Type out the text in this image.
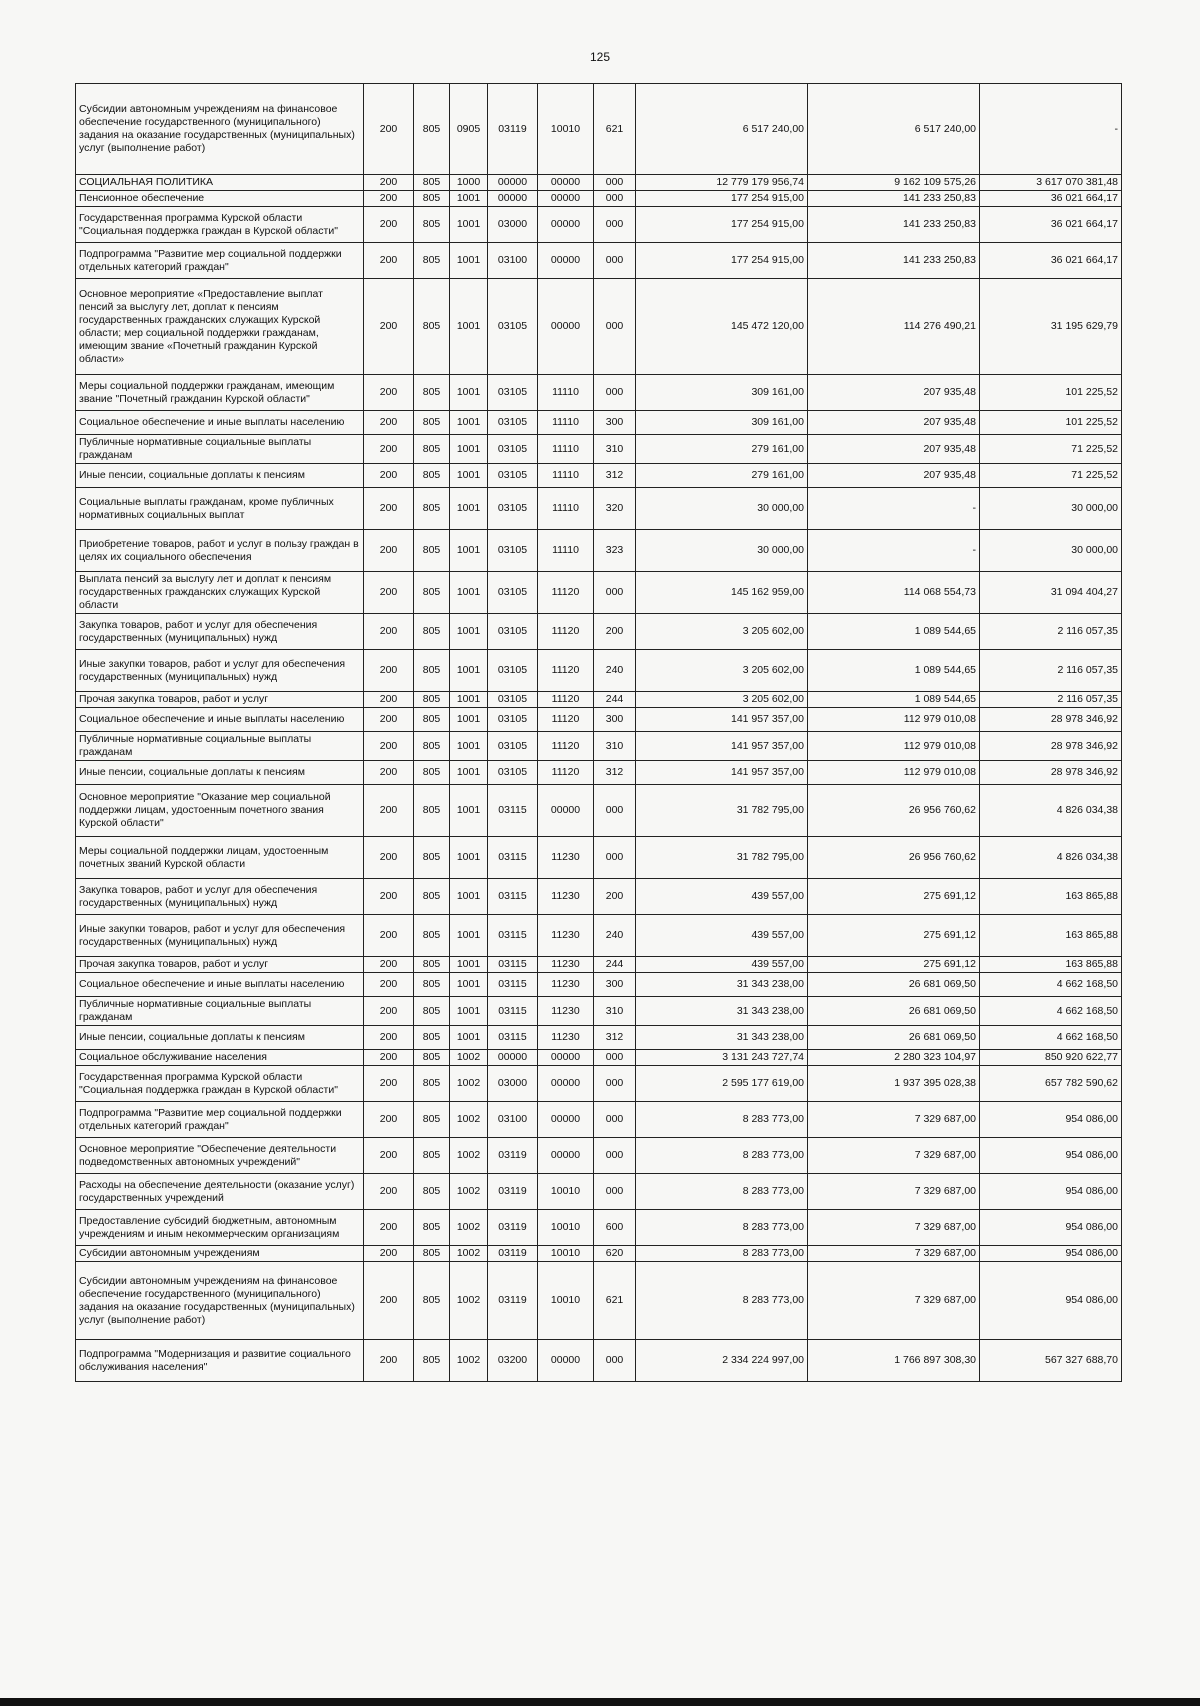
125
Субсидии автономным учреждениям на финансовое обеспечение государственного (муниципального) задания на оказание государственных (муниципальных) услуг (выполнение работ)	200	805	0905	03119	10010	621	6 517 240,00	6 517 240,00	-
СОЦИАЛЬНАЯ ПОЛИТИКА	200	805	1000	00000	00000	000	12 779 179 956,74	9 162 109 575,26	3 617 070 381,48
Пенсионное обеспечение	200	805	1001	00000	00000	000	177 254 915,00	141 233 250,83	36 021 664,17
Государственная программа Курской области "Социальная поддержка граждан в Курской области"	200	805	1001	03000	00000	000	177 254 915,00	141 233 250,83	36 021 664,17
Подпрограмма "Развитие мер социальной поддержки отдельных категорий граждан"	200	805	1001	03100	00000	000	177 254 915,00	141 233 250,83	36 021 664,17
Основное мероприятие «Предоставление выплат пенсий за выслугу лет, доплат к пенсиям государственных гражданских служащих Курской области; мер социальной поддержки гражданам, имеющим звание «Почетный гражданин Курской области»	200	805	1001	03105	00000	000	145 472 120,00	114 276 490,21	31 195 629,79
Меры социальной поддержки гражданам, имеющим звание "Почетный гражданин Курской области"	200	805	1001	03105	11110	000	309 161,00	207 935,48	101 225,52
Социальное обеспечение и иные выплаты населению	200	805	1001	03105	11110	300	309 161,00	207 935,48	101 225,52
Публичные нормативные социальные выплаты гражданам	200	805	1001	03105	11110	310	279 161,00	207 935,48	71 225,52
Иные пенсии, социальные доплаты к пенсиям	200	805	1001	03105	11110	312	279 161,00	207 935,48	71 225,52
Социальные выплаты гражданам, кроме публичных нормативных социальных выплат	200	805	1001	03105	11110	320	30 000,00	-	30 000,00
Приобретение товаров, работ и услуг в пользу граждан в целях их социального обеспечения	200	805	1001	03105	11110	323	30 000,00	-	30 000,00
Выплата пенсий за выслугу лет и доплат к пенсиям государственных гражданских служащих Курской области	200	805	1001	03105	11120	000	145 162 959,00	114 068 554,73	31 094 404,27
Закупка товаров, работ и услуг для обеспечения государственных (муниципальных) нужд	200	805	1001	03105	11120	200	3 205 602,00	1 089 544,65	2 116 057,35
Иные закупки товаров, работ и услуг для обеспечения государственных (муниципальных) нужд	200	805	1001	03105	11120	240	3 205 602,00	1 089 544,65	2 116 057,35
Прочая закупка товаров, работ и услуг	200	805	1001	03105	11120	244	3 205 602,00	1 089 544,65	2 116 057,35
Социальное обеспечение и иные выплаты населению	200	805	1001	03105	11120	300	141 957 357,00	112 979 010,08	28 978 346,92
Публичные нормативные социальные выплаты гражданам	200	805	1001	03105	11120	310	141 957 357,00	112 979 010,08	28 978 346,92
Иные пенсии, социальные доплаты к пенсиям	200	805	1001	03105	11120	312	141 957 357,00	112 979 010,08	28 978 346,92
Основное мероприятие "Оказание мер социальной поддержки лицам, удостоенным почетного звания Курской области"	200	805	1001	03115	00000	000	31 782 795,00	26 956 760,62	4 826 034,38
Меры социальной поддержки лицам, удостоенным почетных званий Курской области	200	805	1001	03115	11230	000	31 782 795,00	26 956 760,62	4 826 034,38
Закупка товаров, работ и услуг для обеспечения государственных (муниципальных) нужд	200	805	1001	03115	11230	200	439 557,00	275 691,12	163 865,88
Иные закупки товаров, работ и услуг для обеспечения государственных (муниципальных) нужд	200	805	1001	03115	11230	240	439 557,00	275 691,12	163 865,88
Прочая закупка товаров, работ и услуг	200	805	1001	03115	11230	244	439 557,00	275 691,12	163 865,88
Социальное обеспечение и иные выплаты населению	200	805	1001	03115	11230	300	31 343 238,00	26 681 069,50	4 662 168,50
Публичные нормативные социальные выплаты гражданам	200	805	1001	03115	11230	310	31 343 238,00	26 681 069,50	4 662 168,50
Иные пенсии, социальные доплаты к пенсиям	200	805	1001	03115	11230	312	31 343 238,00	26 681 069,50	4 662 168,50
Социальное обслуживание населения	200	805	1002	00000	00000	000	3 131 243 727,74	2 280 323 104,97	850 920 622,77
Государственная программа Курской области "Социальная поддержка граждан в Курской области"	200	805	1002	03000	00000	000	2 595 177 619,00	1 937 395 028,38	657 782 590,62
Подпрограмма "Развитие мер социальной поддержки отдельных категорий граждан"	200	805	1002	03100	00000	000	8 283 773,00	7 329 687,00	954 086,00
Основное мероприятие "Обеспечение деятельности подведомственных автономных учреждений"	200	805	1002	03119	00000	000	8 283 773,00	7 329 687,00	954 086,00
Расходы на обеспечение деятельности (оказание услуг) государственных учреждений	200	805	1002	03119	10010	000	8 283 773,00	7 329 687,00	954 086,00
Предоставление субсидий бюджетным, автономным учреждениям и иным некоммерческим организациям	200	805	1002	03119	10010	600	8 283 773,00	7 329 687,00	954 086,00
Субсидии автономным учреждениям	200	805	1002	03119	10010	620	8 283 773,00	7 329 687,00	954 086,00
Субсидии автономным учреждениям на финансовое обеспечение государственного (муниципального) задания на оказание государственных (муниципальных) услуг (выполнение работ)	200	805	1002	03119	10010	621	8 283 773,00	7 329 687,00	954 086,00
Подпрограмма "Модернизация и развитие социального обслуживания населения"	200	805	1002	03200	00000	000	2 334 224 997,00	1 766 897 308,30	567 327 688,70
